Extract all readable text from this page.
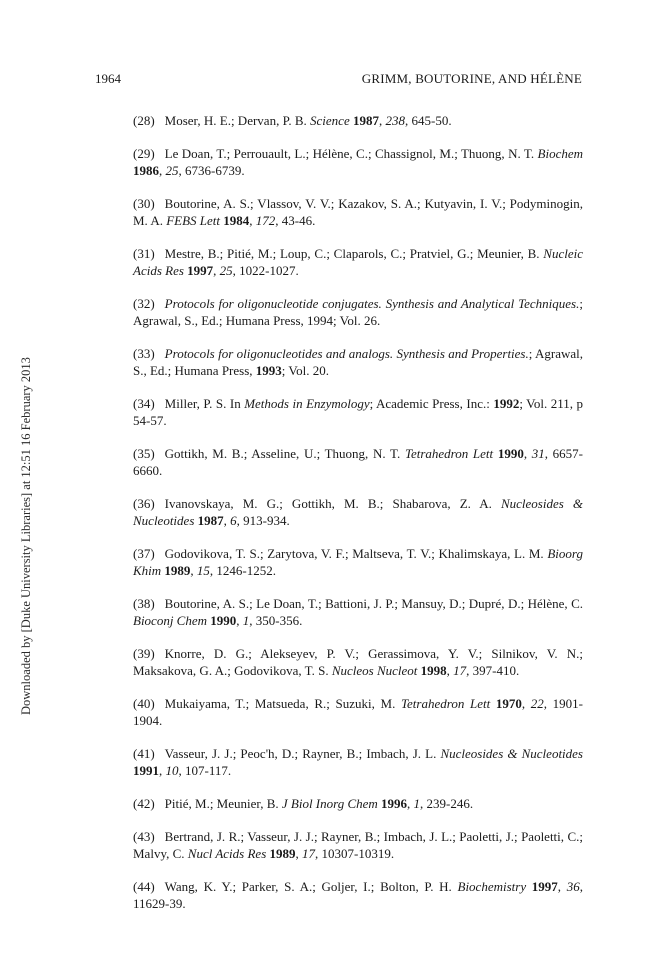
1964	GRIMM, BOUTORINE, AND HÉLÈNE
Downloaded by [Duke University Libraries] at 12:51 16 February 2013
(28) Moser, H. E.; Dervan, P. B. Science 1987, 238, 645-50.
(29) Le Doan, T.; Perrouault, L.; Hélène, C.; Chassignol, M.; Thuong, N. T. Biochem 1986, 25, 6736-6739.
(30) Boutorine, A. S.; Vlassov, V. V.; Kazakov, S. A.; Kutyavin, I. V.; Podyminogin, M. A. FEBS Lett 1984, 172, 43-46.
(31) Mestre, B.; Pitié, M.; Loup, C.; Claparols, C.; Pratviel, G.; Meunier, B. Nucleic Acids Res 1997, 25, 1022-1027.
(32) Protocols for oligonucleotide conjugates. Synthesis and Analytical Techniques.; Agrawal, S., Ed.; Humana Press, 1994; Vol. 26.
(33) Protocols for oligonucleotides and analogs. Synthesis and Properties.; Agrawal, S., Ed.; Humana Press, 1993; Vol. 20.
(34) Miller, P. S. In Methods in Enzymology; Academic Press, Inc.: 1992; Vol. 211, p 54-57.
(35) Gottikh, M. B.; Asseline, U.; Thuong, N. T. Tetrahedron Lett 1990, 31, 6657-6660.
(36) Ivanovskaya, M. G.; Gottikh, M. B.; Shabarova, Z. A. Nucleosides & Nucleotides 1987, 6, 913-934.
(37) Godovikova, T. S.; Zarytova, V. F.; Maltseva, T. V.; Khalimskaya, L. M. Bioorg Khim 1989, 15, 1246-1252.
(38) Boutorine, A. S.; Le Doan, T.; Battioni, J. P.; Mansuy, D.; Dupré, D.; Hélène, C. Bioconj Chem 1990, 1, 350-356.
(39) Knorre, D. G.; Alekseyev, P. V.; Gerassimova, Y. V.; Silnikov, V. N.; Maksakova, G. A.; Godovikova, T. S. Nucleos Nucleot 1998, 17, 397-410.
(40) Mukaiyama, T.; Matsueda, R.; Suzuki, M. Tetrahedron Lett 1970, 22, 1901-1904.
(41) Vasseur, J. J.; Peoc'h, D.; Rayner, B.; Imbach, J. L. Nucleosides & Nucleotides 1991, 10, 107-117.
(42) Pitié, M.; Meunier, B. J Biol Inorg Chem 1996, 1, 239-246.
(43) Bertrand, J. R.; Vasseur, J. J.; Rayner, B.; Imbach, J. L.; Paoletti, J.; Paoletti, C.; Malvy, C. Nucl Acids Res 1989, 17, 10307-10319.
(44) Wang, K. Y.; Parker, S. A.; Goljer, I.; Bolton, P. H. Biochemistry 1997, 36, 11629-39.
